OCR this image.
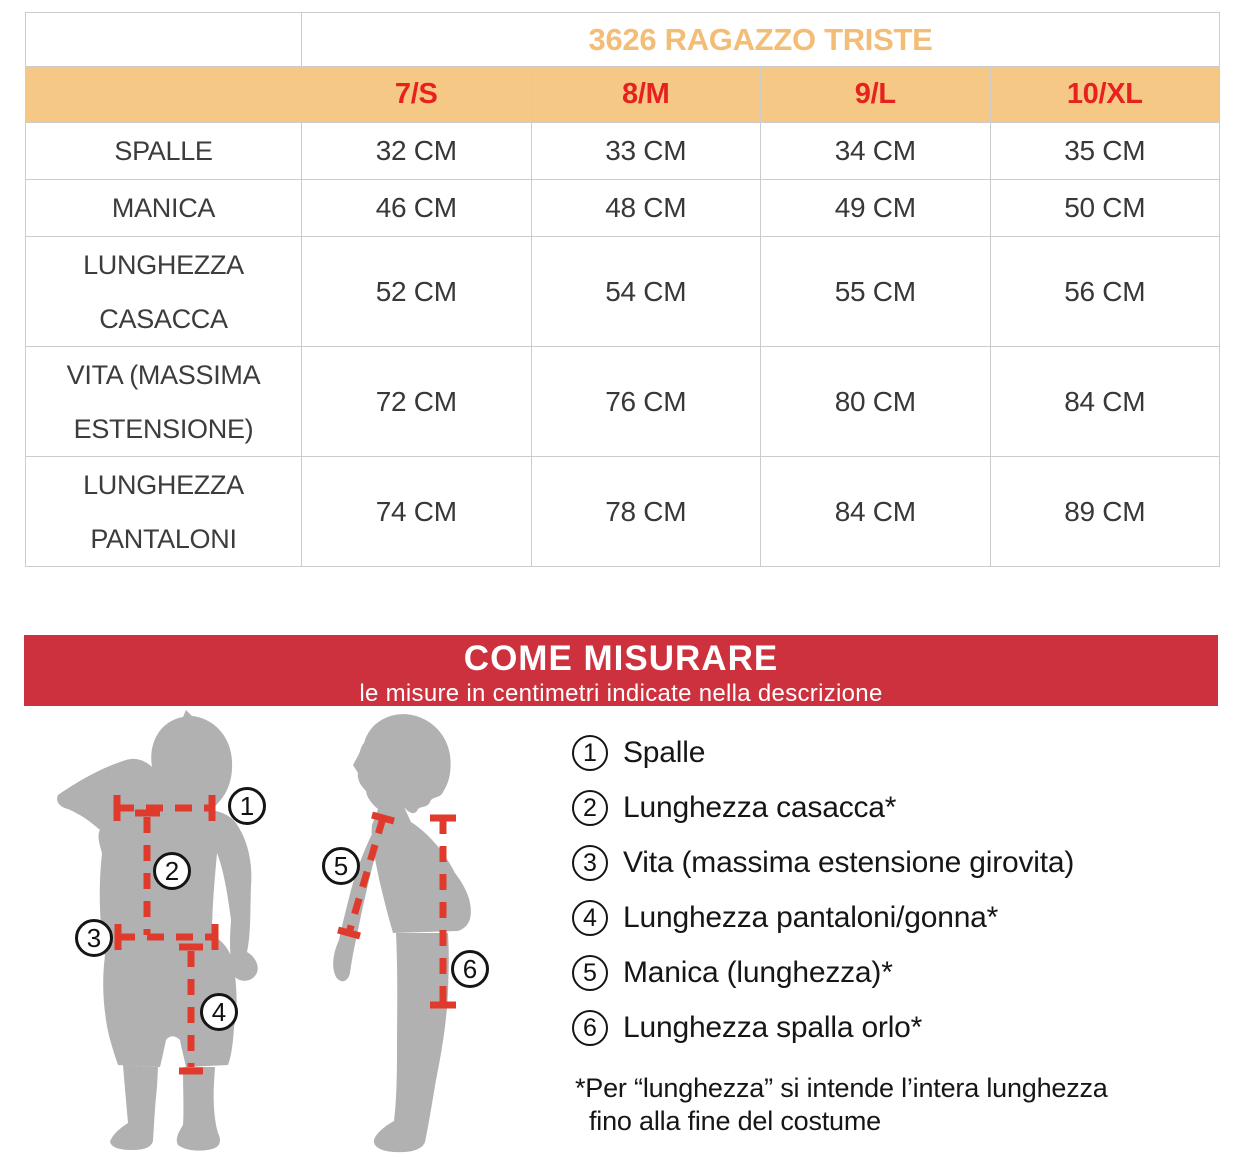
	3626 RAGAZZO TRISTE			
	7/S	8/M	9/L	10/XL

SPALLE	32 CM	33 CM	34 CM	35 CM

MANICA	46 CM	48 CM	49 CM	50 CM

LUNGHEZZA
CASACCA	52 CM	54 CM	55 CM	56 CM

VITA (MASSIMA
ESTENSIONE)	72 CM	76 CM	80 CM	84 CM

LUNGHEZZA
PANTALONI	74 CM	78 CM	84 CM	89 CM
COME MISURARE
le misure in centimetri indicate nella descrizione
1
2
3
4
5
6
1 Spalle
2 Lunghezza casacca*
3 Vita (massima estensione girovita)
4 Lunghezza pantaloni/gonna*
5 Manica (lunghezza)*
6 Lunghezza spalla orlo*
*Per “lunghezza” si intende l’intera lunghezza
fino alla fine del costume
